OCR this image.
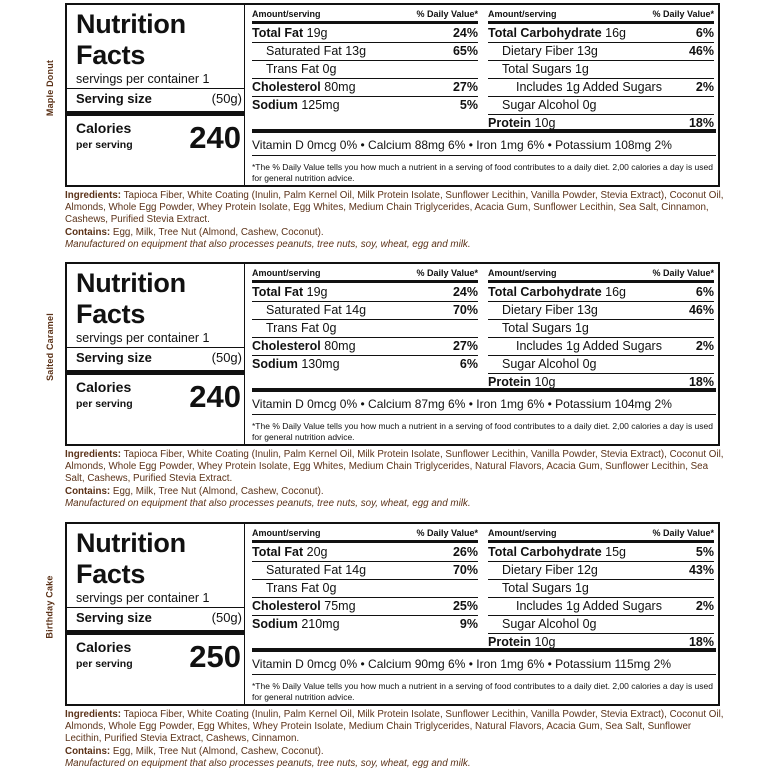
Maple Donut
Nutrition
Facts
servings per container 1
Serving size	(50g)
Calories
per serving 240
Amount/serving	% Daily Value*
Total Fat 19g	24%
Saturated Fat 13g	65%
Trans Fat 0g
Cholesterol 80mg	27%
Sodium 125mg	5%
Amount/serving	% Daily Value*
Total Carbohydrate 16g	6%
Dietary Fiber 13g	46%
Total Sugars 1g
Includes 1g Added Sugars	2%
Sugar Alcohol 0g
Protein 10g	18%
Vitamin D 0mcg 0% • Calcium 88mg 6% • Iron 1mg 6% • Potassium 108mg 2%
*The % Daily Value tells you how much a nutrient in a serving of food contributes to a daily diet. 2,00 calories a day is used for general nutrition advice.
Ingredients: Tapioca Fiber, White Coating (Inulin, Palm Kernel Oil, Milk Protein Isolate, Sunflower Lecithin, Vanilla Powder, Stevia Extract), Coconut Oil, Almonds, Whole Egg Powder, Whey Protein Isolate, Egg Whites, Medium Chain Triglycerides, Acacia Gum, Sunflower Lecithin, Sea Salt, Cinnamon, Cashews, Purified Stevia Extract.
Contains: Egg, Milk, Tree Nut (Almond, Cashew, Coconut).
Manufactured on equipment that also processes peanuts, tree nuts, soy, wheat, egg and milk.
Salted Caramel
Nutrition
Facts
servings per container 1
Serving size	(50g)
Calories
per serving 240
Amount/serving	% Daily Value*
Total Fat 19g	24%
Saturated Fat 14g	70%
Trans Fat 0g
Cholesterol 80mg	27%
Sodium 130mg	6%
Amount/serving	% Daily Value*
Total Carbohydrate 16g	6%
Dietary Fiber 13g	46%
Total Sugars 1g
Includes 1g Added Sugars	2%
Sugar Alcohol 0g
Protein 10g	18%
Vitamin D 0mcg 0% • Calcium 87mg 6% • Iron 1mg 6% • Potassium 104mg 2%
*The % Daily Value tells you how much a nutrient in a serving of food contributes to a daily diet. 2,00 calories a day is used for general nutrition advice.
Ingredients: Tapioca Fiber, White Coating (Inulin, Palm Kernel Oil, Milk Protein Isolate, Sunflower Lecithin, Vanilla Powder, Stevia Extract), Coconut Oil, Almonds, Whole Egg Powder, Whey Protein Isolate, Egg Whites, Medium Chain Triglycerides, Natural Flavors, Acacia Gum, Sunflower Lecithin, Sea Salt, Cashews, Purified Stevia Extract.
Contains: Egg, Milk, Tree Nut (Almond, Cashew, Coconut).
Manufactured on equipment that also processes peanuts, tree nuts, soy, wheat, egg and milk.
Birthday Cake
Nutrition
Facts
servings per container 1
Serving size	(50g)
Calories
per serving 250
Amount/serving	% Daily Value*
Total Fat 20g	26%
Saturated Fat 14g	70%
Trans Fat 0g
Cholesterol 75mg	25%
Sodium 210mg	9%
Amount/serving	% Daily Value*
Total Carbohydrate 15g	5%
Dietary Fiber 12g	43%
Total Sugars 1g
Includes 1g Added Sugars	2%
Sugar Alcohol 0g
Protein 10g	18%
Vitamin D 0mcg 0% • Calcium 90mg 6% • Iron 1mg 6% • Potassium 115mg 2%
*The % Daily Value tells you how much a nutrient in a serving of food contributes to a daily diet. 2,00 calories a day is used for general nutrition advice.
Ingredients: Tapioca Fiber, White Coating (Inulin, Palm Kernel Oil, Milk Protein Isolate, Sunflower Lecithin, Vanilla Powder, Stevia Extract), Coconut Oil, Almonds, Whole Egg Powder, Egg Whites, Whey Protein Isolate, Medium Chain Triglycerides, Natural Flavors, Acacia Gum, Sea Salt, Sunflower Lecithin, Purified Stevia Extract, Cashews, Cinnamon.
Contains: Egg, Milk, Tree Nut (Almond, Cashew, Coconut).
Manufactured on equipment that also processes peanuts, tree nuts, soy, wheat, egg and milk.
